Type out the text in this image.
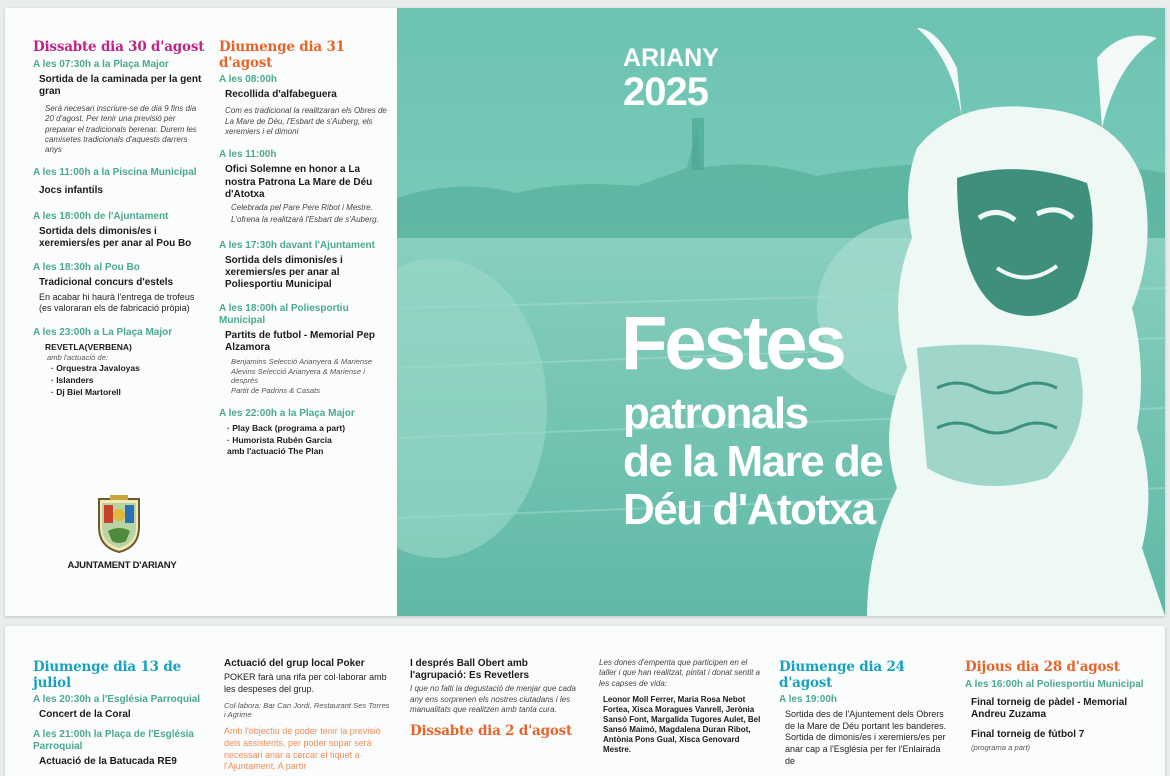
Dissabte dia 30 d'agost
A les 07:30h a la Plaça Major
Sortida de la caminada per la gent gran
Serà necesari inscriure-se de dia 9 fins dia 20 d'agost. Per tenir una previsió per preparar el tradicionals berenar. Durem les camisetes tradicionals d'aquests darrers anys
A les 11:00h a la Piscina Municipal
Jocs infantils
A les 18:00h de l'Ajuntament
Sortida dels dimonis/es i xeremiers/es per anar al Pou Bo
A les 18:30h al Pou Bo
Tradicional concurs d'estels
En acabar hi haurà l'entrega de trofeus (es valoraran els de fabricació pròpia)
A les 23:00h a La Plaça Major
REVETLA(VERBENA)
amb l'actuació de:
· Orquestra Javaloyas
· Islanders
· Dj Biel Martorell
AJUNTAMENT D'ARIANY
Diumenge dia 31 d'agost
A les 08:00h
Recollida d'alfabeguera
Com es tradicional la realitzaran els Obres de La Mare de Déu, l'Esbart de s'Auberg, els xeremiers i el dimoni
A les 11:00h
Ofici Solemne en honor a La nostra Patrona La Mare de Déu d'Atotxa
Celebrada pel Pare Pere Ribot i Mestre.
L'ofrena la realitzarà l'Esbart de s'Auberg.
A les 17:30h davant l'Ajuntament
Sortida dels dimonis/es i xeremiers/es per anar al Poliesportiu Municipal
A les 18:00h al Poliesportiu Municipal
Partits de futbol - Memorial Pep Alzamora
Benjamins Selecció Arianyera & Mariense
Alevins Selecció Arianyera & Mariense i després
Partit de Padrins & Casats
A les 22:00h a la Plaça Major
· Play Back (programa a part)
· Humorista Rubén Garcia
amb l'actuació The Plan
ARIANY
2025
Festes
patronals
de la Mare de
Déu d'Atotxa
Diumenge dia 13 de juliol
A les 20:30h a l'Església Parroquial
Concert de la Coral
A les 21:00h la Plaça de l'Església Parroquial
Actuació de la Batucada RE9
Actuació del grup local Poker
POKER farà una rifa per col·laborar amb les despeses del grup.
Col·labora: Bar Can Jordi, Restaurant Ses Torres i Agrime
Amb l'objectiu de poder tenir la previsió dels assistents, per poder sopar serà necessari anar a cercar el tiquet a l'Ajuntament. A partir
I després Ball Obert amb l'agrupació: Es Revetlers
I que no falti la degustació de menjar que cada any ens sorprenen els nostres ciutadans i les manualitats que realitzen amb tanta cura.
Dissabte dia 2 d'agost
Les dones d'empenta que participen en el taller i que han realitzat, pintat i donat sentit a les capses de vida:
Leonor Moll Ferrer, Maria Rosa Nebot Fortea, Xisca Moragues Vanrell, Jerònia Sansó Font, Margalida Tugores Aulet, Bel Sansó Maimó, Magdalena Duran Ribot, Antònia Pons Gual, Xisca Genovard Mestre.
Diumenge dia 24 d'agost
A les 19:00h
Sortida des de l'Ajuntement dels Obrers de la Mare de Déu portant les banderes. Sortida de dimonis/es i xeremiers/es per anar cap a l'Església per fer l'Enlairada de
Dijous dia 28 d'agost
A les 16:00h al Poliesportiu Municipal
Final torneig de pàdel - Memorial Andreu Zuzama
Final torneig de fútbol 7
(programa a part)
